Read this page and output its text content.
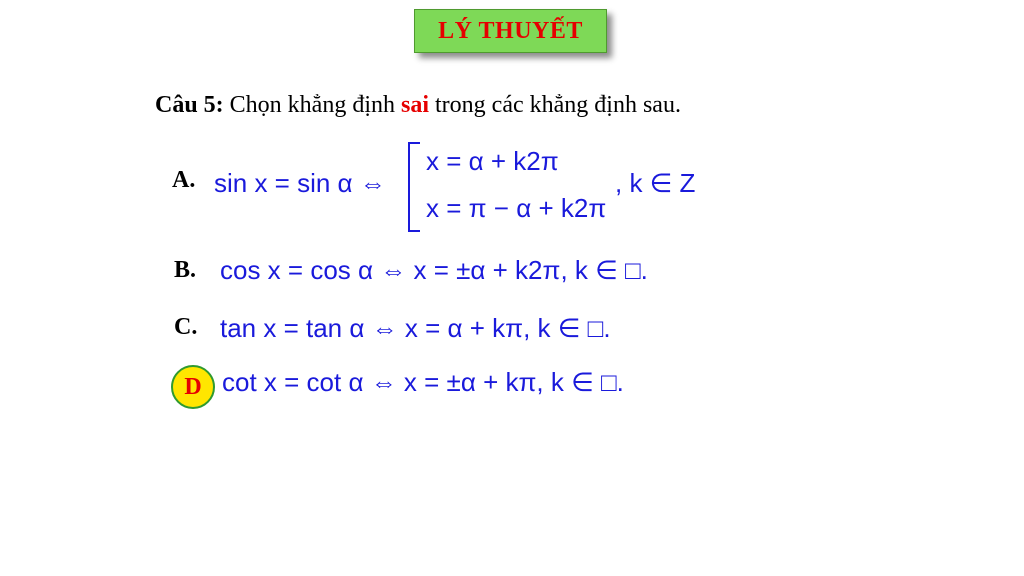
LÝ THUYẾT
Câu 5: Chọn khẳng định sai trong các khẳng định sau.
A. sin x = sin α ⇔
x = α + k2π
x = π − α + k2π
, k ∈ Z
B. cos x = cos α ⇔ x = ±α + k2π, k ∈ □.
C. tan x = tan α ⇔ x = α + kπ, k ∈ □.
D cot x = cot α ⇔ x = ±α + kπ, k ∈ □.
